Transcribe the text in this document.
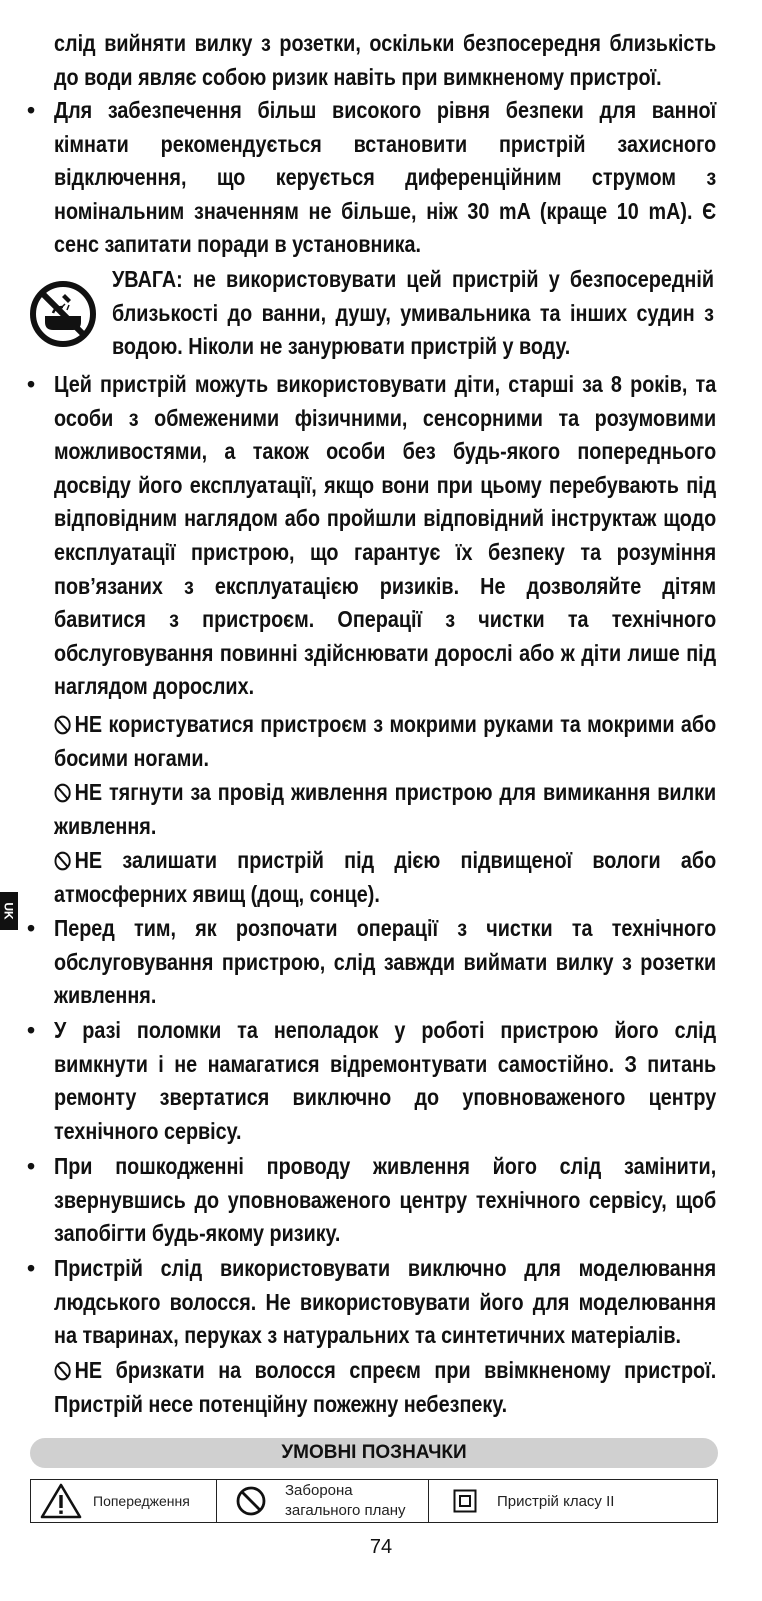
слід вийняти вилку з розетки, оскільки безпосередня близькість до води являє собою ризик навіть при вимкненому пристрої.
• Для забезпечення більш високого рівня безпеки для ванної кімнати рекомендується встановити пристрій захисного відключення, що керується диференційним струмом з номінальним значенням не більше, ніж 30 mA (краще 10 mA). Є сенс запитати поради в установника.
УВАГА: не використовувати цей пристрій у безпосередній близькості до ванни, душу, умивальника та інших судин з водою. Ніколи не занурювати пристрій у воду.
• Цей пристрій можуть використовувати діти, старші за 8 років, та особи з обмеженими фізичними, сенсорними та розумовими можливостями, а також особи без будь-якого попереднього досвіду його експлуатації, якщо вони при цьому перебувають під відповідним наглядом або пройшли відповідний інструктаж щодо експлуатації пристрою, що гарантує їх безпеку та розуміння пов’язаних з експлуатацією ризиків. Не дозволяйте дітям бавитися з пристроєм. Операції з чистки та технічного обслуговування повинні здійснювати дорослі або ж діти лише під наглядом дорослих.
НЕ користуватися пристроєм з мокрими руками та мокрими або босими ногами.
НЕ тягнути за провід живлення пристрою для вимикання вилки живлення.
НЕ залишати пристрій під дією підвищеної вологи або атмосферних явищ (дощ, сонце).
UK
• Перед тим, як розпочати операції з чистки та технічного обслуговування пристрою, слід завжди виймати вилку з розетки живлення.
• У разі поломки та неполадок у роботі пристрою його слід вимкнути і не намагатися відремонтувати самостійно. З питань ремонту звертатися виключно до уповноваженого центру технічного сервісу.
• При пошкодженні проводу живлення його слід замінити, звернувшись до уповноваженого центру технічного сервісу, щоб запобігти будь-якому ризику.
• Пристрій слід використовувати виключно для моделювання людського волосся. Не використовувати його для моделювання на тваринах, перуках з натуральних та синтетичних матеріалів.
НЕ бризкати на волосся спреєм при ввімкненому пристрої. Пристрій несе потенційну пожежну небезпеку.
УМОВНІ ПОЗНАЧКИ
Попередження
Заборона
загального плану
Пристрій класу II
74
